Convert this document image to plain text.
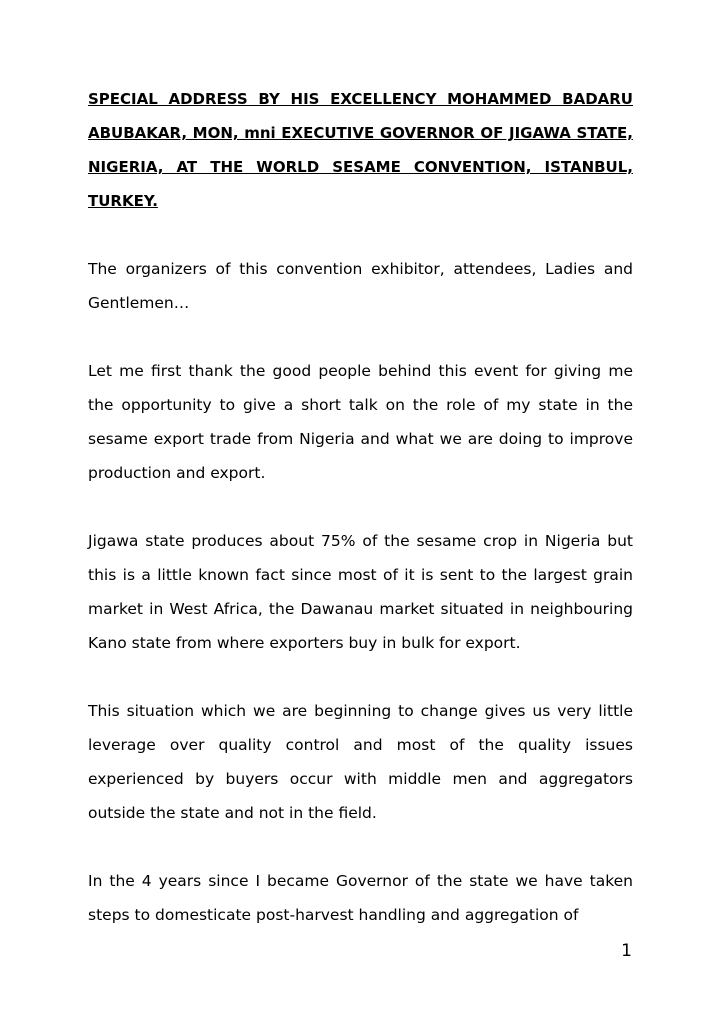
SPECIAL ADDRESS BY HIS EXCELLENCY MOHAMMED BADARU ABUBAKAR, MON, mni EXECUTIVE GOVERNOR OF JIGAWA STATE, NIGERIA, AT THE WORLD SESAME CONVENTION, ISTANBUL, TURKEY.

The organizers of this convention exhibitor, attendees, Ladies and Gentlemen…

Let me first thank the good people behind this event for giving me the opportunity to give a short talk on the role of my state in the sesame export trade from Nigeria and what we are doing to improve production and export.

Jigawa state produces about 75% of the sesame crop in Nigeria but this is a little known fact since most of it is sent to the largest grain market in West Africa, the Dawanau market situated in neighbouring Kano state from where exporters buy in bulk for export.

This situation which we are beginning to change gives us very little leverage over quality control and most of the quality issues experienced by buyers occur with middle men and aggregators outside the state and not in the field.

In the 4 years since I became Governor of the state we have taken steps to domesticate post-harvest handling and aggregation of

1
